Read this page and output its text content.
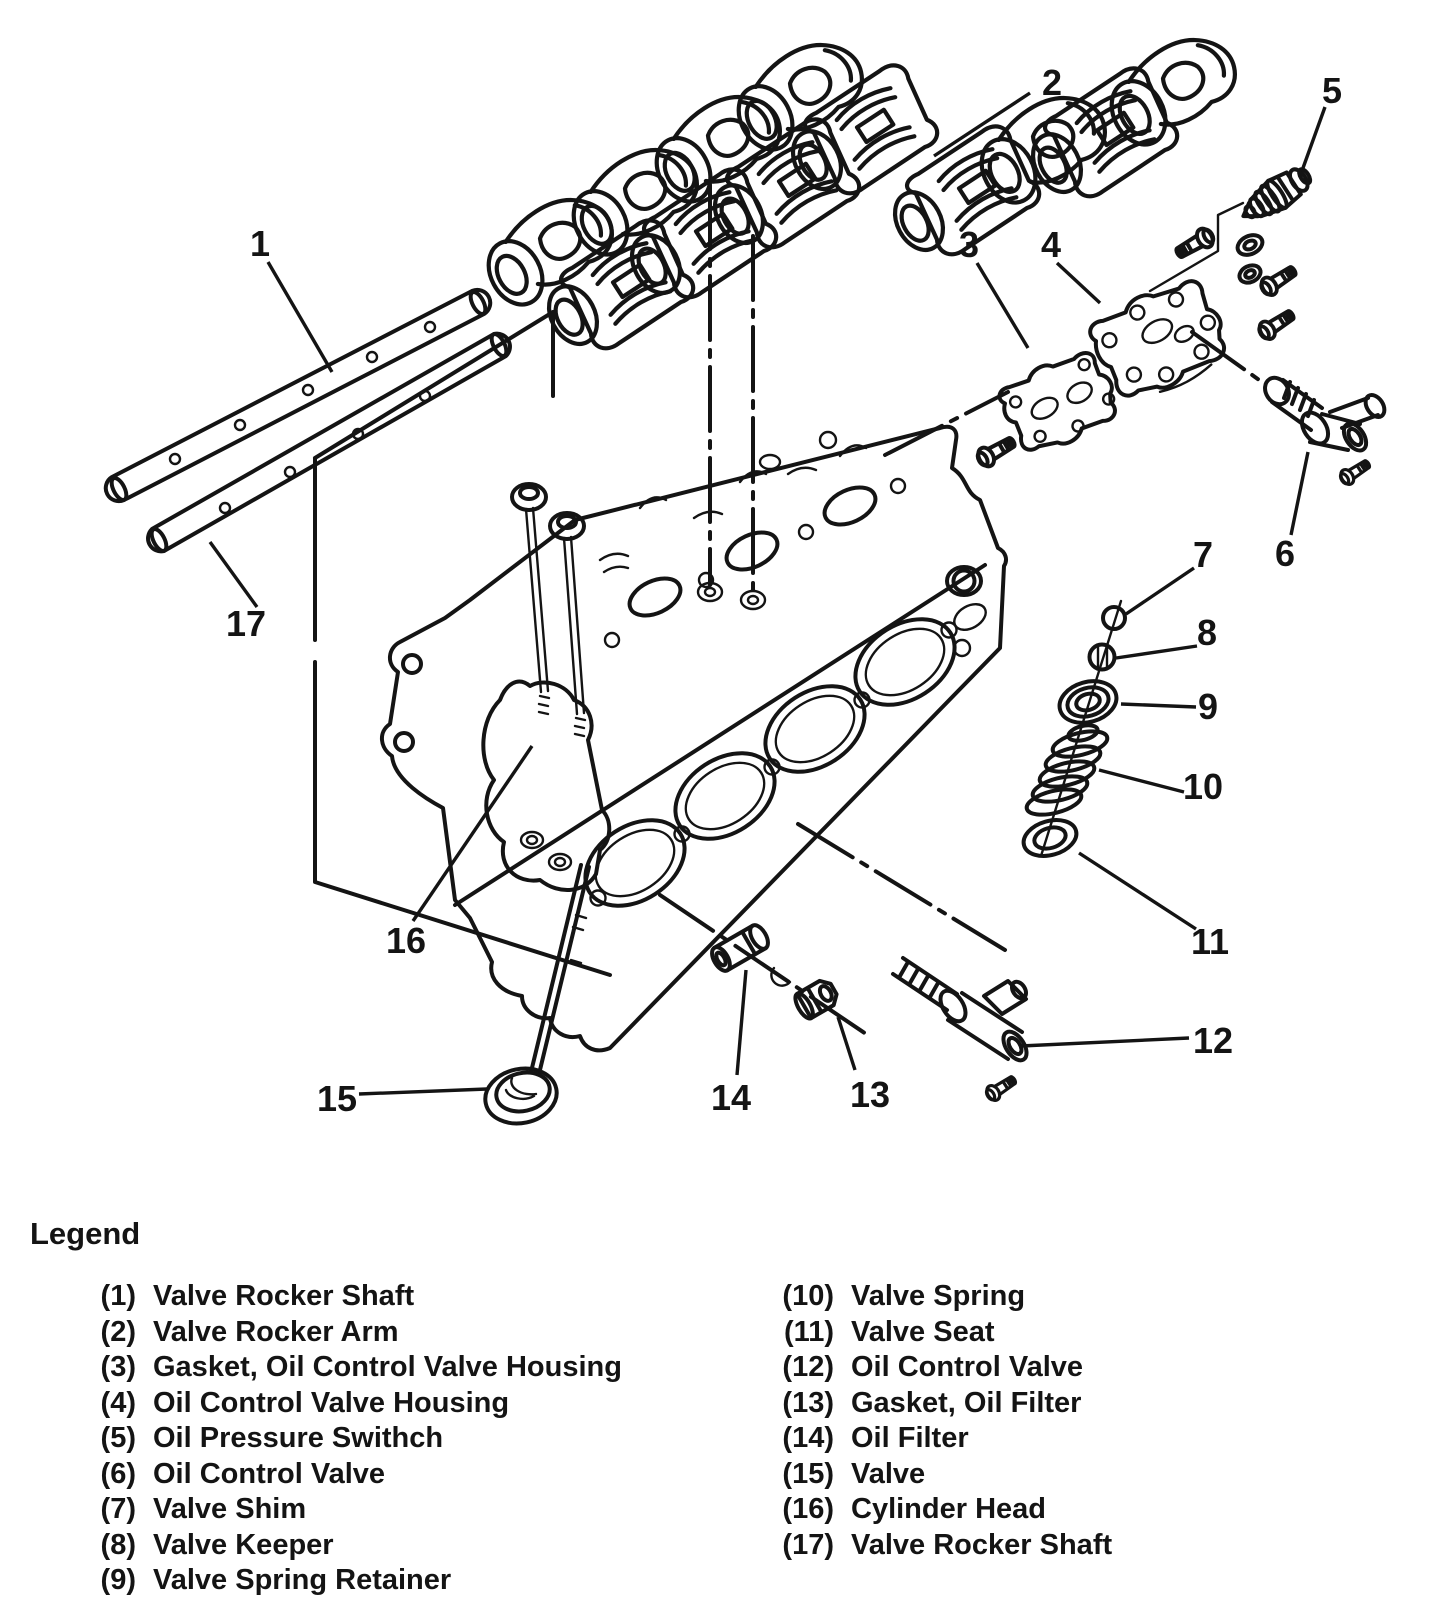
1
2
3 4
5
6
7
8
9
10
11
12
13
14
15
16
17
Legend
(1) Valve Rocker Shaft
(2) Valve Rocker Arm
(3) Gasket, Oil Control Valve Housing
(4) Oil Control Valve Housing
(5) Oil Pressure Swithch
(6) Oil Control Valve
(7) Valve Shim
(8) Valve Keeper
(9) Valve Spring Retainer
(10) Valve Spring
(11) Valve Seat
(12) Oil Control Valve
(13) Gasket, Oil Filter
(14) Oil Filter
(15) Valve
(16) Cylinder Head
(17) Valve Rocker Shaft
